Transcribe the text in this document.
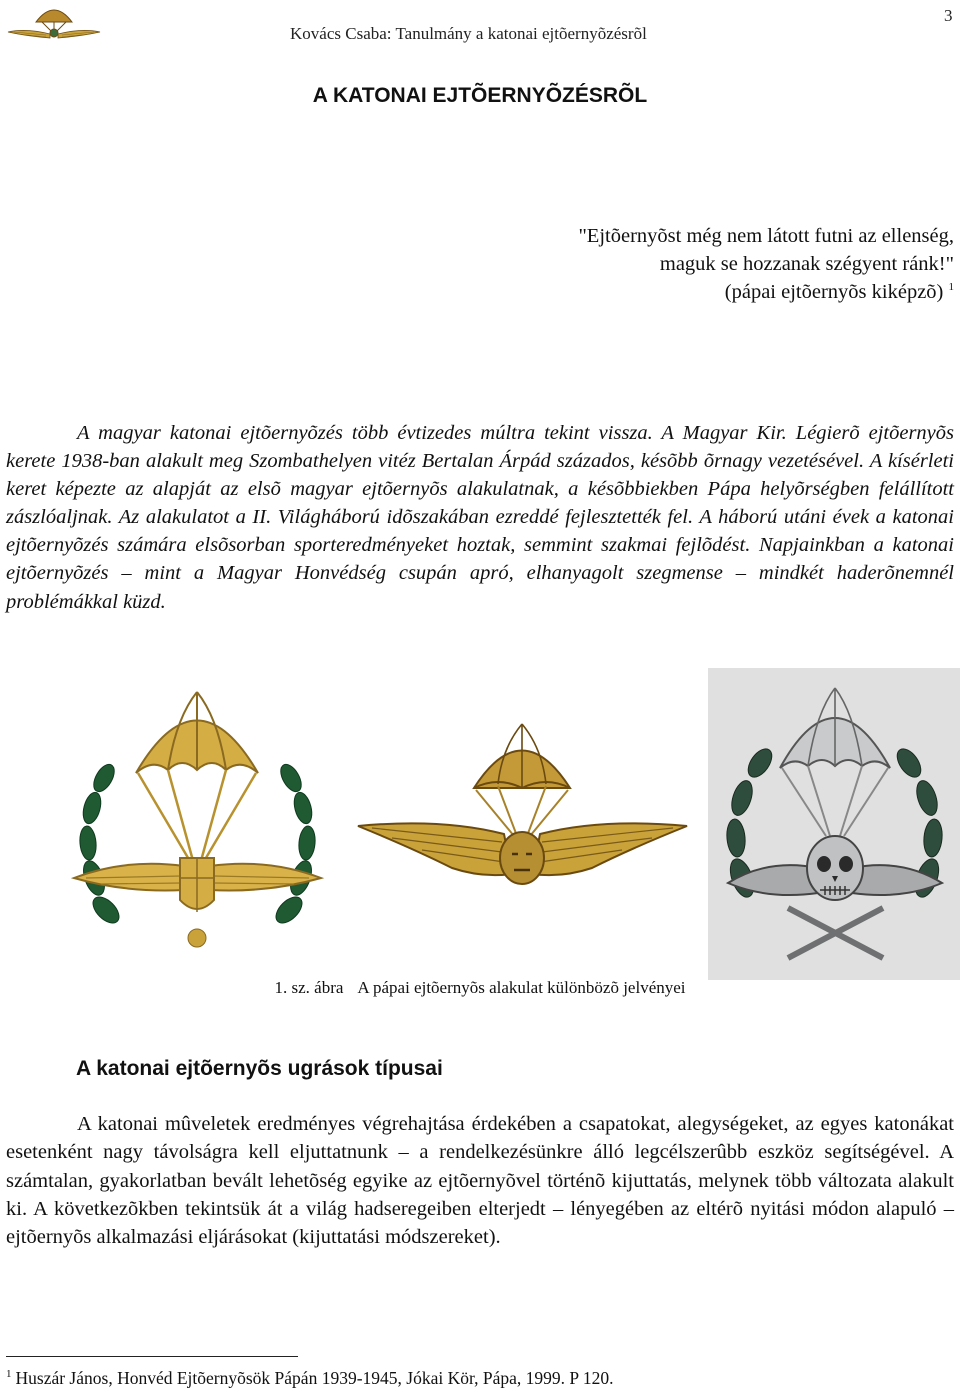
Kovács Csaba: Tanulmány a katonai ejtõernyõzésrõl
3
A KATONAI EJTÕERNYÕZÉSRÕL
"Ejtõernyõst még nem látott futni az ellenség,
maguk se hozzanak szégyent ránk!"
(pápai ejtõernyõs kiképzõ) $^1$

A magyar katonai ejtõernyõzés több évtizedes múltra tekint vissza. A Magyar Kir. Légierõ ejtõernyõs kerete 1938-ban alakult meg Szombathelyen vitéz Bertalan Árpád százados, késõbb õrnagy vezetésével. A kísérleti keret képezte az alapját az elsõ magyar ejtõernyõs alakulatnak, a késõbbiekben Pápa helyõrségben felállított zászlóaljnak. Az alakulatot a II. Világháború idõszakában ezreddé fejlesztették fel. A háború utáni évek a katonai ejtõernyõzés számára elsõsorban sporteredményeket hoztak, semmint szakmai fejlõdést. Napjainkban a katonai ejtõernyõzés – mint a Magyar Honvédség csupán apró, elhanyagolt szegmense – mindkét haderõnemnél problémákkal küzd.

1. sz. ábra A pápai ejtõernyõs alakulat különbözõ jelvényei
A katonai ejtõernyõs ugrások típusai

A katonai mûveletek eredményes végrehajtása érdekében a csapatokat, alegységeket, az egyes katonákat esetenként nagy távolságra kell eljuttatnunk – a rendelkezésünkre álló legcélszerûbb eszköz segítségével. A számtalan, gyakorlatban bevált lehetõség egyike az ejtõernyõvel történõ kijuttatás, melynek több változata alakult ki. A következõkben tekintsük át a világ hadseregeiben elterjedt – lényegében az eltérõ nyitási módon alapuló – ejtõernyõs alkalmazási eljárásokat (kijuttatási módszereket).

$^1$ Huszár János, Honvéd Ejtõernyõsök Pápán 1939-1945, Jókai Kör, Pápa, 1999. P 120.
